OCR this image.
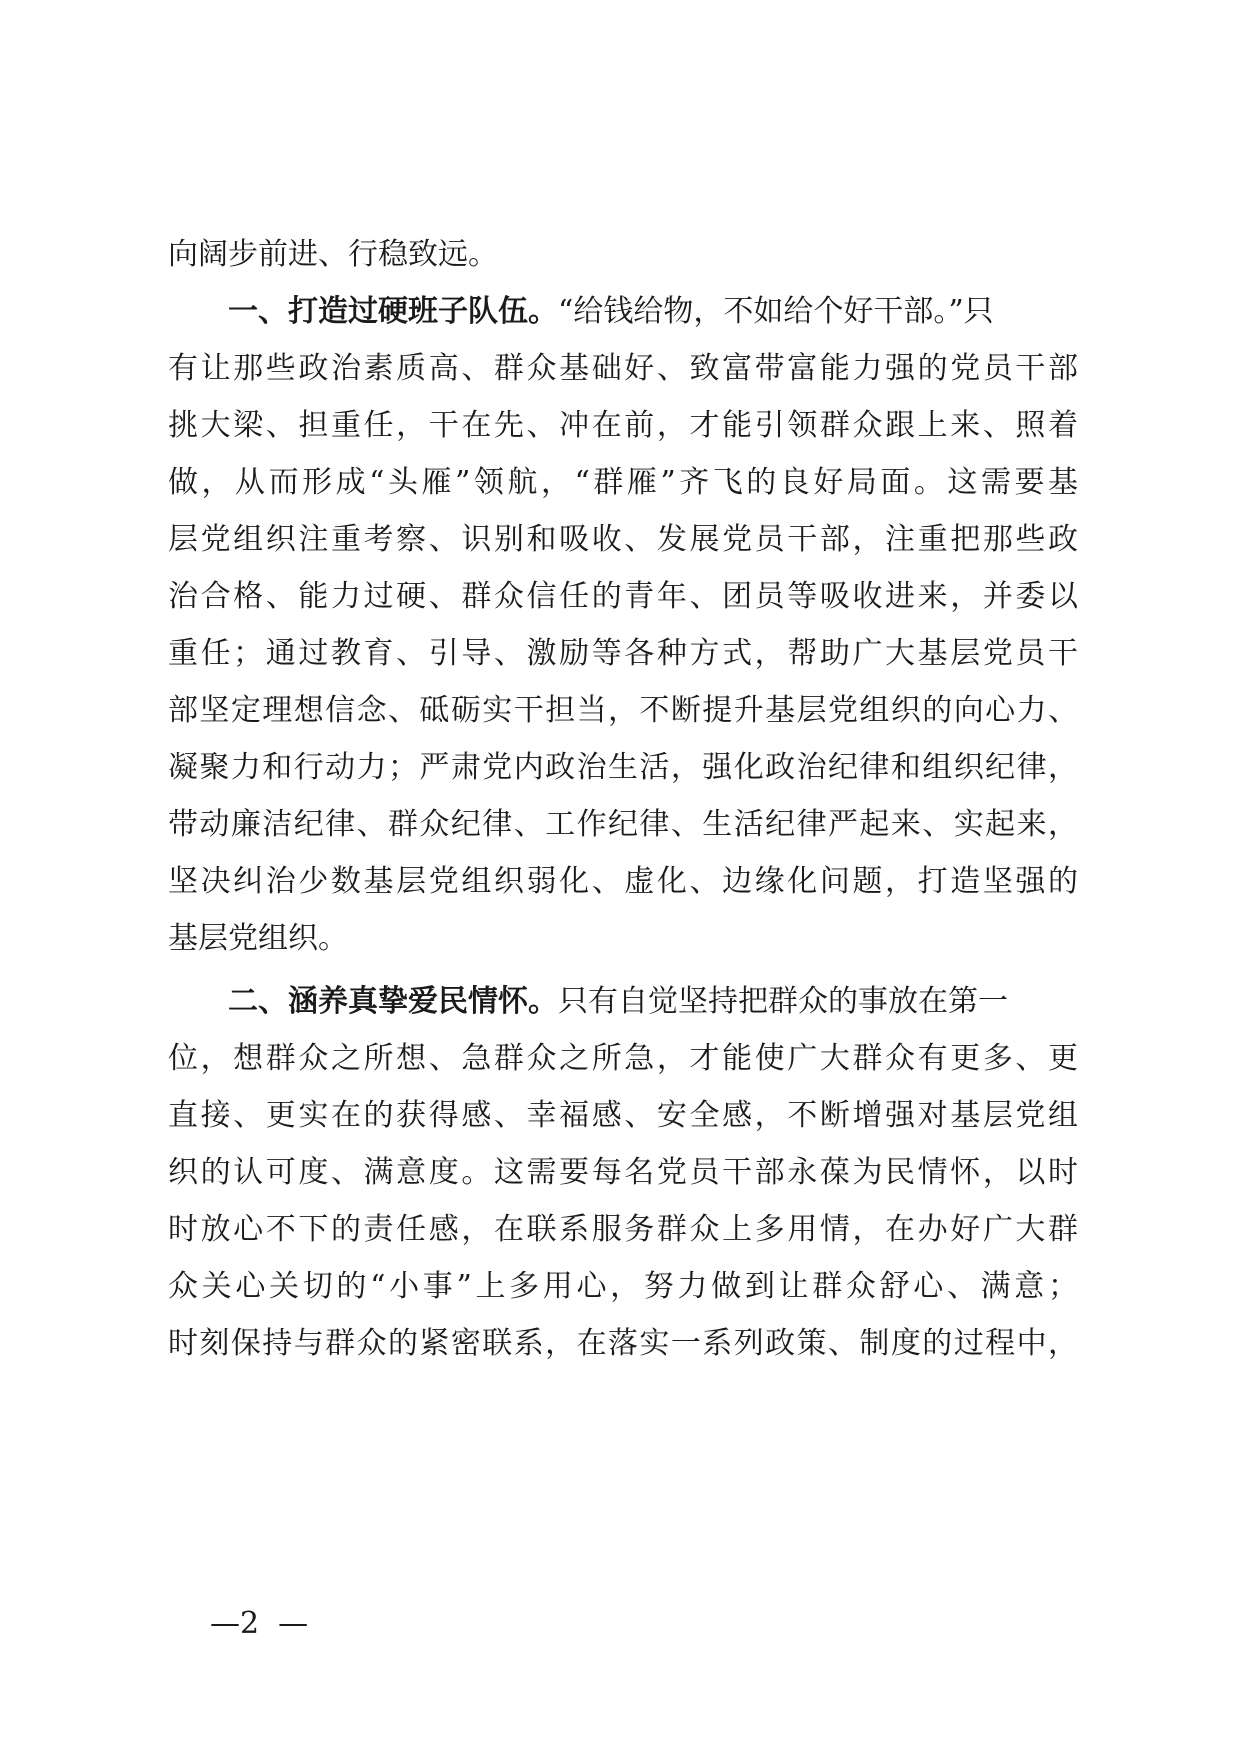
向阔步前进、行稳致远。
一、打造过硬班子队伍。“给钱给物，不如给个好干部。”只
有让那些政治素质高、群众基础好、致富带富能力强的党员干部
挑大梁、担重任，干在先、冲在前，才能引领群众跟上来、照着
做，从而形成“头雁”领航，“群雁”齐飞的良好局面。这需要基
层党组织注重考察、识别和吸收、发展党员干部，注重把那些政
治合格、能力过硬、群众信任的青年、团员等吸收进来，并委以
重任；通过教育、引导、激励等各种方式，帮助广大基层党员干
部坚定理想信念、砥砺实干担当，不断提升基层党组织的向心力、
凝聚力和行动力；严肃党内政治生活，强化政治纪律和组织纪律，
带动廉洁纪律、群众纪律、工作纪律、生活纪律严起来、实起来，
坚决纠治少数基层党组织弱化、虚化、边缘化问题，打造坚强的
基层党组织。
二、涵养真挚爱民情怀。只有自觉坚持把群众的事放在第一
位，想群众之所想、急群众之所急，才能使广大群众有更多、更
直接、更实在的获得感、幸福感、安全感，不断增强对基层党组
织的认可度、满意度。这需要每名党员干部永葆为民情怀，以时
时放心不下的责任感，在联系服务群众上多用情，在办好广大群
众关心关切的“小事”上多用心，努力做到让群众舒心、满意；
时刻保持与群众的紧密联系，在落实一系列政策、制度的过程中，
—2  —
